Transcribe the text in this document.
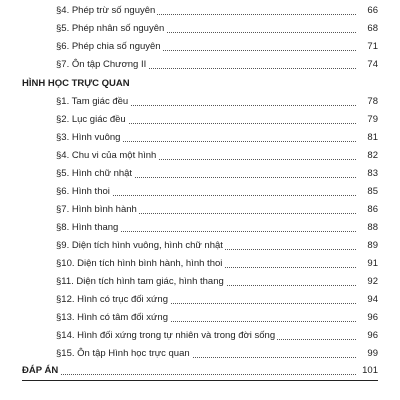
§4. Phép trừ số nguyên	66
§5. Phép nhân số nguyên	68
§6. Phép chia số nguyên	71
§7. Ôn tập Chương II	74
HÌNH HỌC TRỰC QUAN
§1. Tam giác đều	78
§2. Lục giác đều	79
§3. Hình vuông	81
§4. Chu vi của một hình	82
§5. Hình chữ nhật	83
§6. Hình thoi	85
§7. Hình bình hành	86
§8. Hình thang	88
§9. Diện tích hình vuông, hình chữ nhật	89
§10. Diện tích hình bình hành, hình thoi	91
§11. Diện tích hình tam giác, hình thang	92
§12. Hình có trục đối xứng	94
§13. Hình có tâm đối xứng	96
§14. Hình đối xứng trong tự nhiên và trong đời sống	96
§15. Ôn tập Hình học trực quan	99
ĐÁP ÁN	101
